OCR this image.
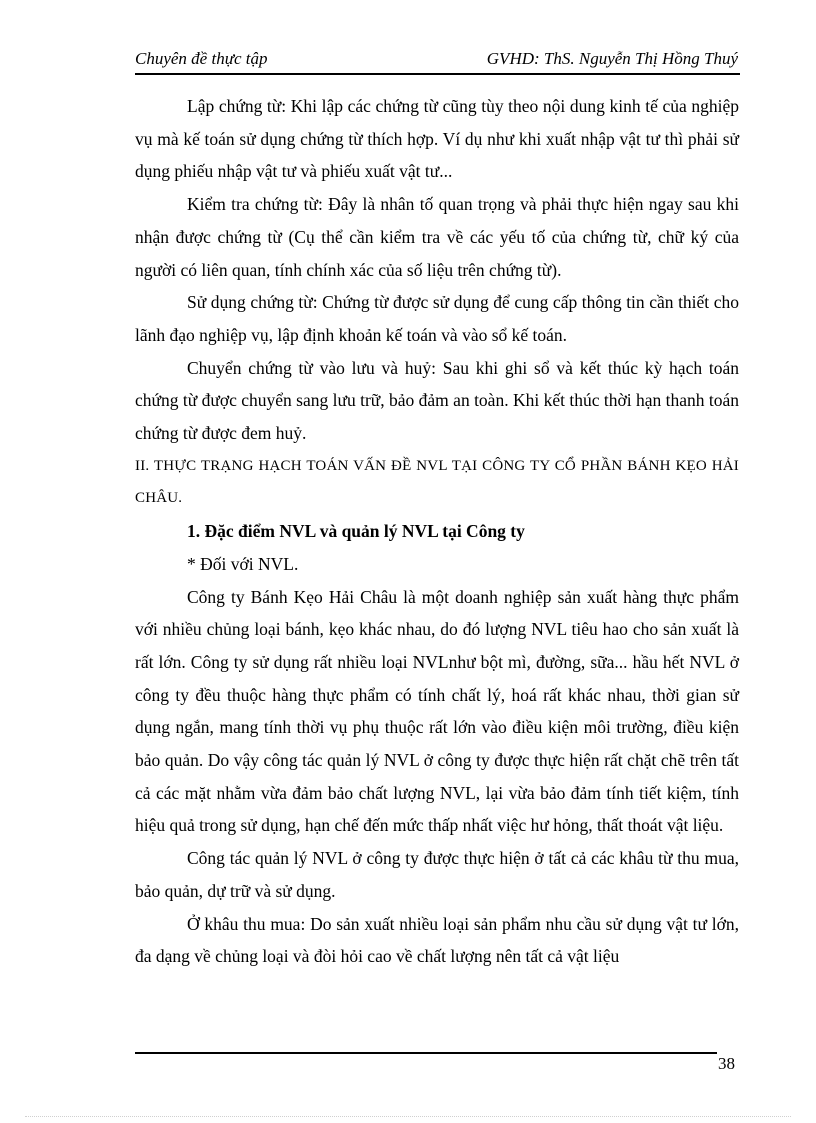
Chuyên đề thực tập	GVHD: ThS. Nguyễn Thị Hồng Thuý

Lập chứng từ: Khi lập các chứng từ cũng tùy theo nội dung kinh tế của nghiệp vụ mà kế toán sử dụng chứng từ thích hợp. Ví dụ như khi xuất nhập vật tư thì phải sử dụng phiếu nhập vật tư và phiếu xuất vật tư...

Kiểm tra chứng từ: Đây là nhân tố quan trọng và phải thực hiện ngay sau khi nhận được chứng từ (Cụ thể cần kiểm tra về các yếu tố của chứng từ, chữ ký của người có liên quan, tính chính xác của số liệu trên chứng từ).

Sử dụng chứng từ: Chứng từ được sử dụng để cung cấp thông tin cần thiết cho lãnh đạo nghiệp vụ, lập định khoản kế toán và vào sổ kế toán.

Chuyển chứng từ vào lưu và huỷ: Sau khi ghi sổ và kết thúc kỳ hạch toán chứng từ được chuyển sang lưu trữ, bảo đảm an toàn. Khi kết thúc thời hạn thanh toán chứng từ được đem huỷ.

II. THỰC TRẠNG HẠCH TOÁN VẤN ĐỀ NVL TẠI CÔNG TY CỔ PHẦN BÁNH KẸO HẢI CHÂU.

1. Đặc điểm NVL và quản lý NVL tại Công ty

* Đối với NVL.

Công ty Bánh Kẹo Hải Châu là một doanh nghiệp sản xuất hàng thực phẩm với nhiều chủng loại bánh, kẹo khác nhau, do đó lượng NVL tiêu hao cho sản xuất là rất lớn. Công ty sử dụng rất nhiều loại NVLnhư bột mì, đường, sữa... hầu hết NVL ở công ty đều thuộc hàng thực phẩm có tính chất lý, hoá rất khác nhau, thời gian sử dụng ngắn, mang tính thời vụ phụ thuộc rất lớn vào điều kiện môi trường, điều kiện bảo quản. Do vậy công tác quản lý NVL ở công ty được thực hiện rất chặt chẽ trên tất cả các mặt nhằm vừa đảm bảo chất lượng NVL, lại vừa bảo đảm tính tiết kiệm, tính hiệu quả trong sử dụng, hạn chế đến mức thấp nhất việc hư hỏng, thất thoát vật liệu.

Công tác quản lý NVL ở công ty được thực hiện ở tất cả các khâu từ thu mua, bảo quản, dự trữ và sử dụng.

Ở khâu thu mua: Do sản xuất nhiều loại sản phẩm nhu cầu sử dụng vật tư lớn, đa dạng về chủng loại và đòi hỏi cao về chất lượng nên tất cả vật liệu

38
